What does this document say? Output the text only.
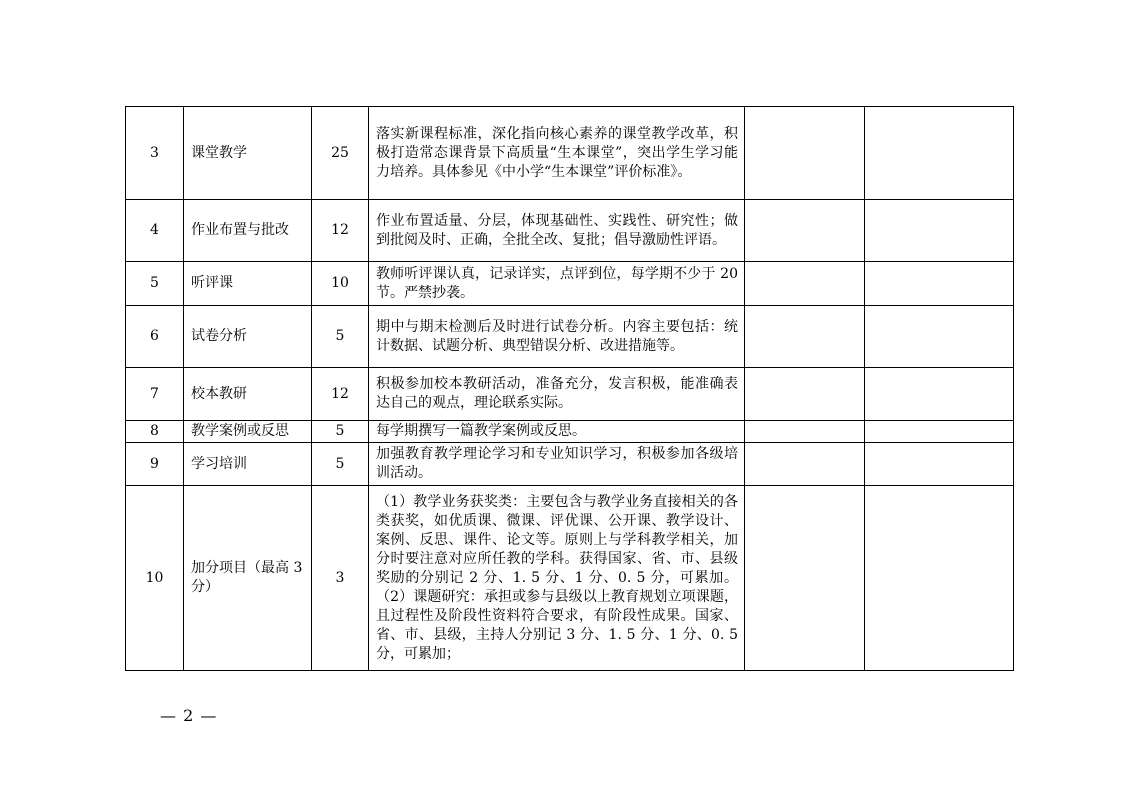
3	课堂教学	25	落实新课程标准，深化指向核心素养的课堂教学改革，积极打造常态课背景下高质量“生本课堂”，突出学生学习能力培养。具体参见《中小学“生本课堂”评价标准》。		
4	作业布置与批改	12	作业布置适量、分层，体现基础性、实践性、研究性；做到批阅及时、正确，全批全改、复批；倡导激励性评语。		
5	听评课	10	教师听评课认真，记录详实，点评到位，每学期不少于 20 节。严禁抄袭。		
6	试卷分析	5	期中与期末检测后及时进行试卷分析。内容主要包括：统计数据、试题分析、典型错误分析、改进措施等。		
7	校本教研	12	积极参加校本教研活动，准备充分，发言积极，能准确表达自己的观点，理论联系实际。		
8	教学案例或反思	5	每学期撰写一篇教学案例或反思。		
9	学习培训	5	加强教育教学理论学习和专业知识学习，积极参加各级培训活动。		
10	加分项目（最高 3 分）	3	（1）教学业务获奖类：主要包含与教学业务直接相关的各类获奖，如优质课、微课、评优课、公开课、教学设计、案例、反思、课件、论文等。原则上与学科教学相关，加分时要注意对应所任教的学科。获得国家、省、市、县级奖励的分别记 2 分、1. 5 分、1 分、0. 5 分，可累加。（2）课题研究：承担或参与县级以上教育规划立项课题，且过程性及阶段性资料符合要求，有阶段性成果。国家、省、市、县级，主持人分别记 3 分、1. 5 分、1 分、0. 5 分，可累加；		
— 2 —
